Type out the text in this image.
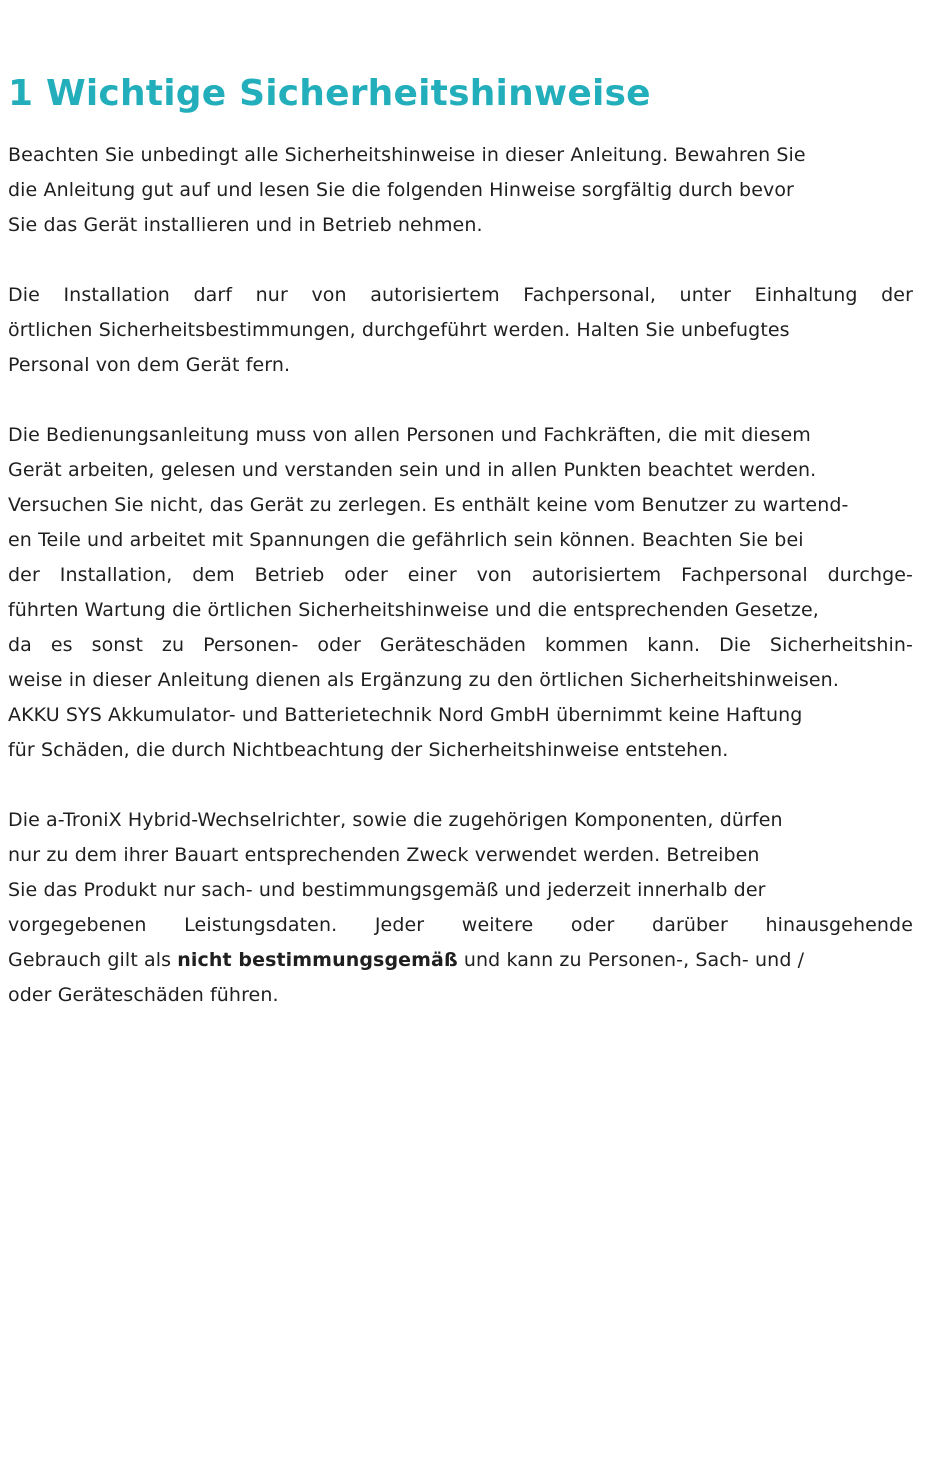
1 Wichtige Sicherheitshinweise
Beachten Sie unbedingt alle Sicherheitshinweise in dieser Anleitung. Bewahren Sie
die Anleitung gut auf und lesen Sie die folgenden Hinweise sorgfältig durch bevor
Sie das Gerät installieren und in Betrieb nehmen.
Die Installation darf nur von autorisiertem Fachpersonal, unter Einhaltung der
örtlichen Sicherheitsbestimmungen, durchgeführt werden. Halten Sie unbefugtes
Personal von dem Gerät fern.
Die Bedienungsanleitung muss von allen Personen und Fachkräften, die mit diesem
Gerät arbeiten, gelesen und verstanden sein und in allen Punkten beachtet werden.
Versuchen Sie nicht, das Gerät zu zerlegen. Es enthält keine vom Benutzer zu wartend-
en Teile und arbeitet mit Spannungen die gefährlich sein können. Beachten Sie bei
der Installation, dem Betrieb oder einer von autorisiertem Fachpersonal durchge-
führten Wartung die örtlichen Sicherheitshinweise und die entsprechenden Gesetze,
da es sonst zu Personen- oder Geräteschäden kommen kann. Die Sicherheitshin-
weise in dieser Anleitung dienen als Ergänzung zu den örtlichen Sicherheitshinweisen.
AKKU SYS Akkumulator- und Batterietechnik Nord GmbH übernimmt keine Haftung
für Schäden, die durch Nichtbeachtung der Sicherheitshinweise entstehen.
Die a-TroniX Hybrid-Wechselrichter, sowie die zugehörigen Komponenten, dürfen
nur zu dem ihrer Bauart entsprechenden Zweck verwendet werden. Betreiben
Sie das Produkt nur sach- und bestimmungsgemäß und jederzeit innerhalb der
vorgegebenen Leistungsdaten. Jeder weitere oder darüber hinausgehende
Gebrauch gilt als nicht bestimmungsgemäß und kann zu Personen-, Sach- und /
oder Geräteschäden führen.
